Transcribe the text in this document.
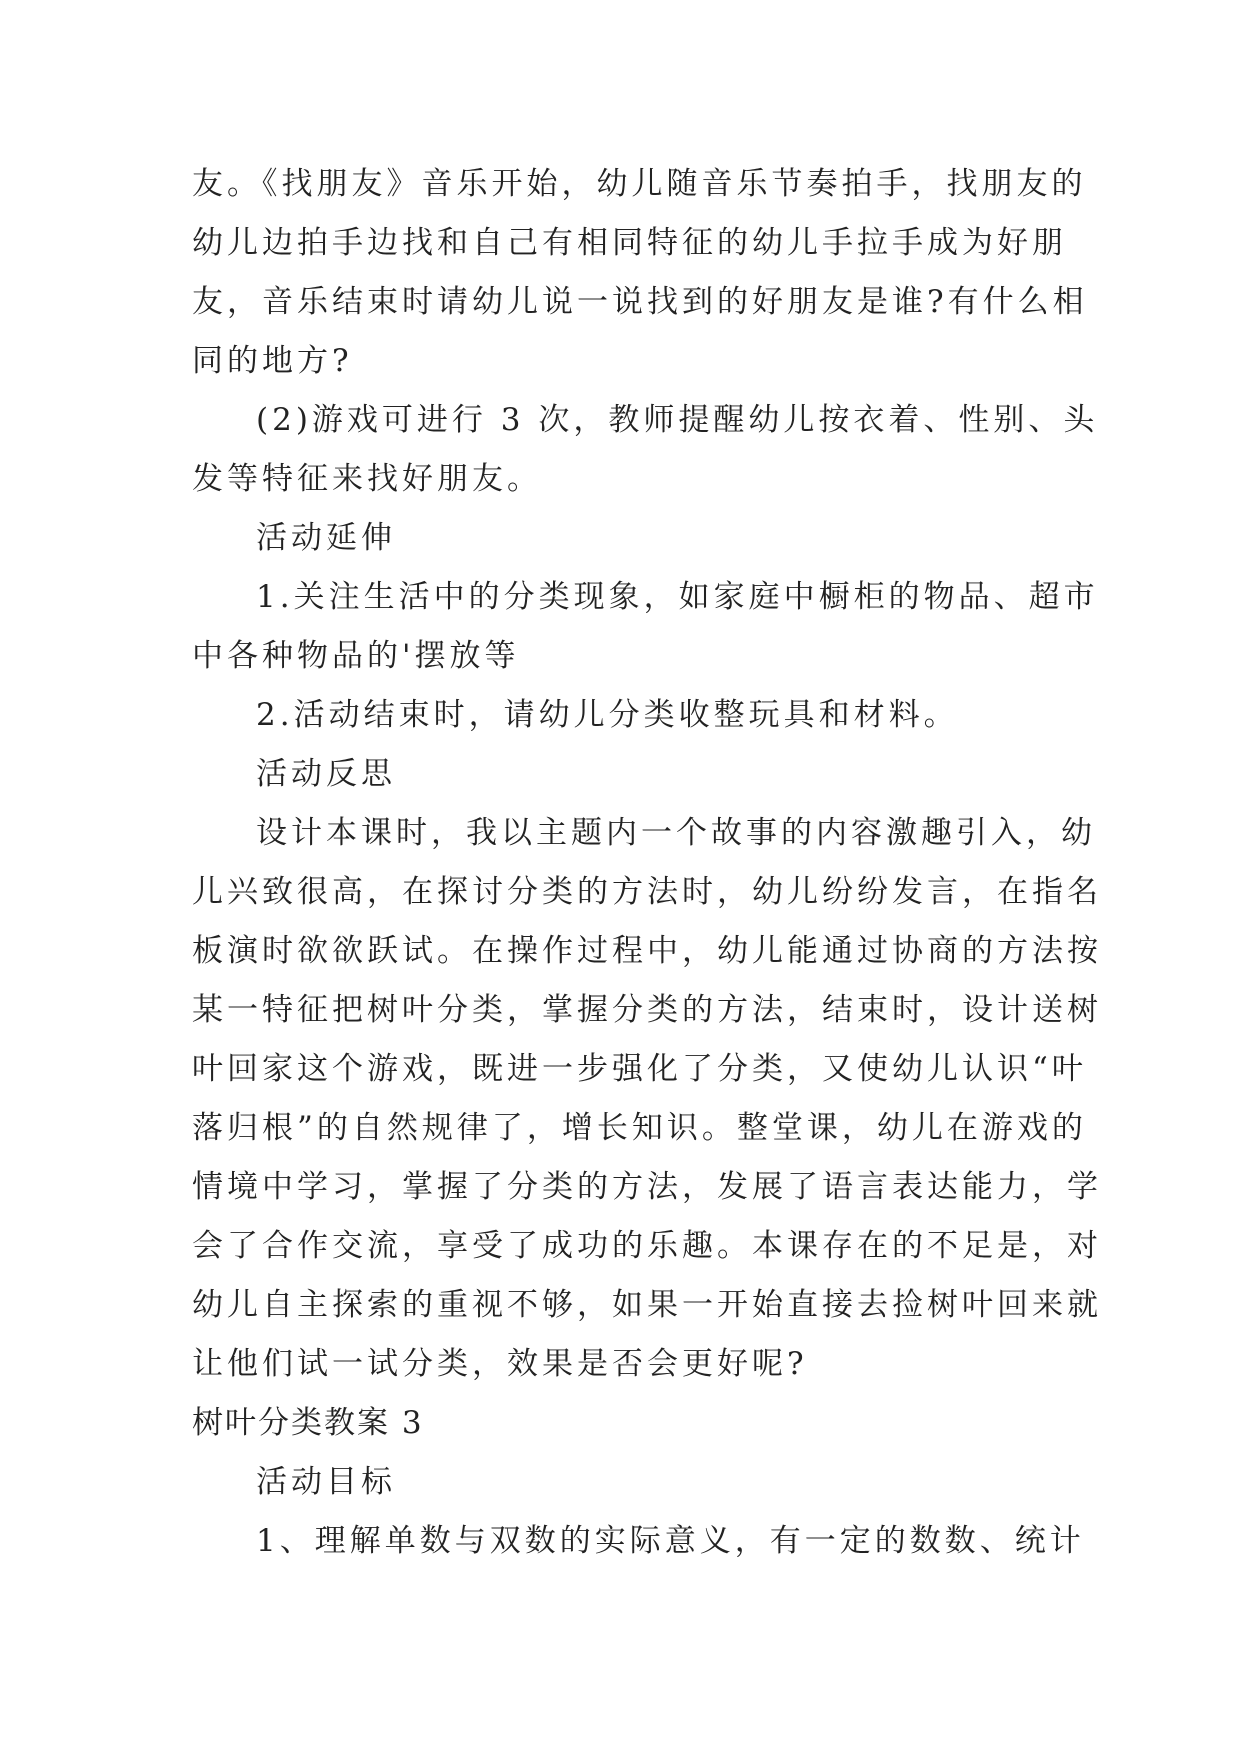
友。《找朋友》音乐开始，幼儿随音乐节奏拍手，找朋友的
幼儿边拍手边找和自己有相同特征的幼儿手拉手成为好朋
友，音乐结束时请幼儿说一说找到的好朋友是谁?有什么相
同的地方?
(2)游戏可进行 3 次，教师提醒幼儿按衣着、性别、头
发等特征来找好朋友。
活动延伸
1.关注生活中的分类现象，如家庭中橱柜的物品、超市
中各种物品的'摆放等
2.活动结束时，请幼儿分类收整玩具和材料。
活动反思
设计本课时，我以主题内一个故事的内容激趣引入，幼
儿兴致很高，在探讨分类的方法时，幼儿纷纷发言，在指名
板演时欲欲跃试。在操作过程中，幼儿能通过协商的方法按
某一特征把树叶分类，掌握分类的方法，结束时，设计送树
叶回家这个游戏，既进一步强化了分类，又使幼儿认识“叶
落归根”的自然规律了，增长知识。整堂课，幼儿在游戏的
情境中学习，掌握了分类的方法，发展了语言表达能力，学
会了合作交流，享受了成功的乐趣。本课存在的不足是，对
幼儿自主探索的重视不够，如果一开始直接去捡树叶回来就
让他们试一试分类，效果是否会更好呢?
树叶分类教案 3
活动目标
1、理解单数与双数的实际意义，有一定的数数、统计
